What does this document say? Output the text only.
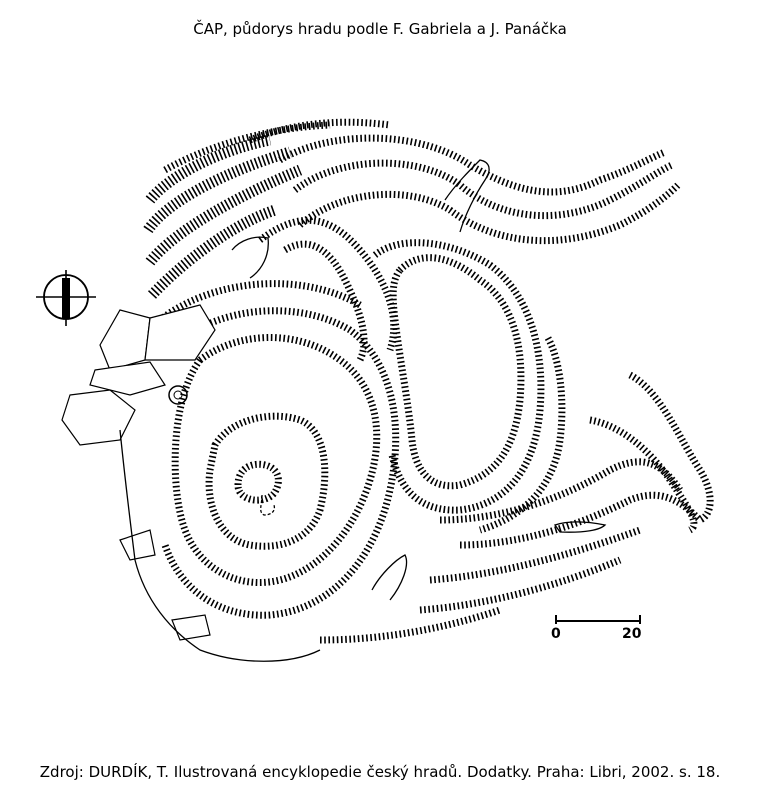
ČAP, půdorys hradu podle F. Gabriela a J. Panáčka
0	20
Zdroj: DURDÍK, T. Ilustrovaná encyklopedie český hradů. Dodatky. Praha: Libri, 2002. s. 18.
